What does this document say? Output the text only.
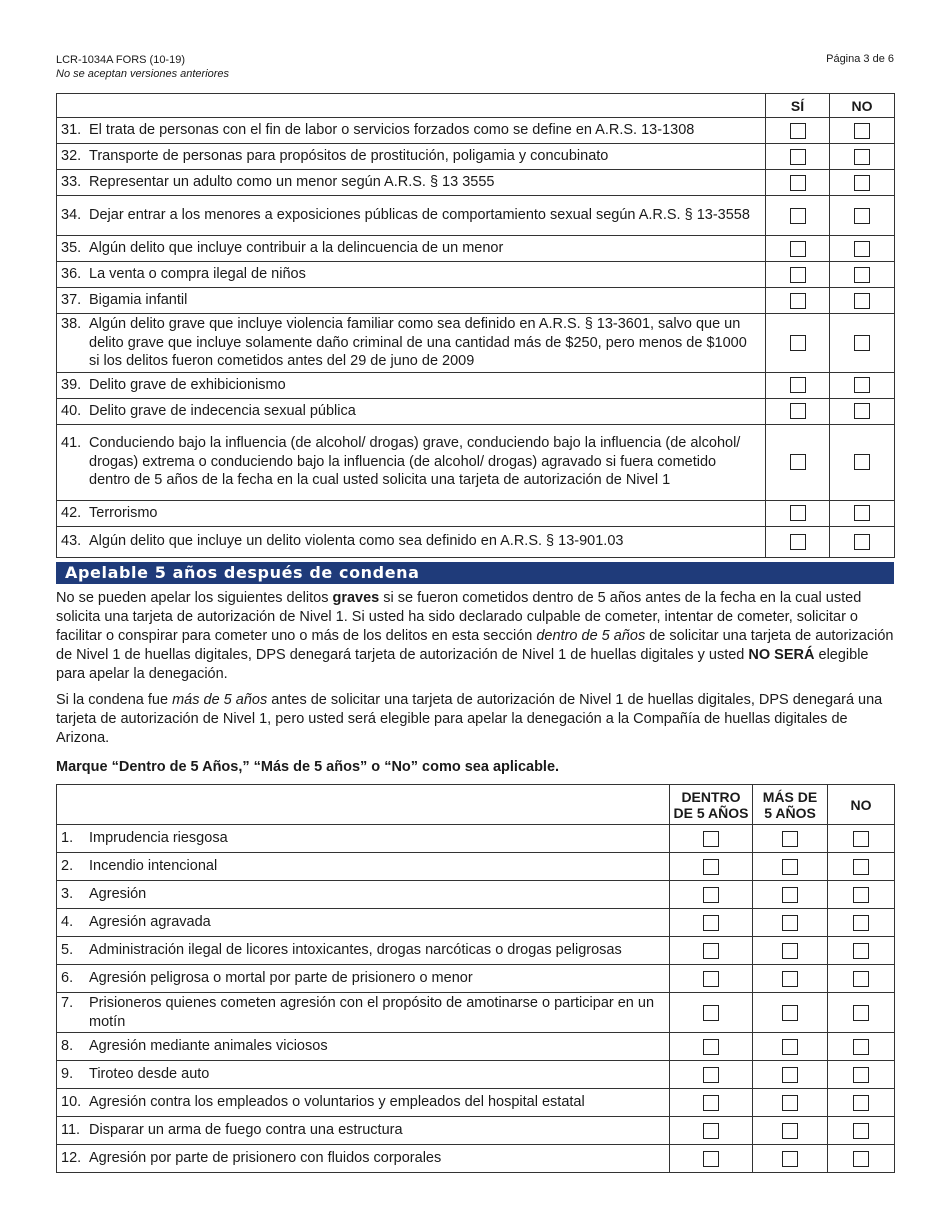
LCR-1034A FORS (10-19)
No se aceptan versiones anteriores
Página 3 de 6
	SÍ	NO

31. El trata de personas con el fin de labor o servicios forzados como se define en A.R.S. 13-1308		

32. Transporte de personas para propósitos de prostitución, poligamia y concubinato		

33. Representar un adulto como un menor según A.R.S. § 13 3555		

34. Dejar entrar a los menores a exposiciones públicas de comportamiento sexual según A.R.S. § 13-3558		

35. Algún delito que incluye contribuir a la delincuencia de un menor		

36. La venta o compra ilegal de niños		

37. Bigamia infantil		

38. Algún delito grave que incluye violencia familiar como sea definido en A.R.S. § 13-3601, salvo que un delito grave que incluye solamente daño criminal de una cantidad más de $250, pero menos de $1000 si los delitos fueron cometidos antes del 29 de juno de 2009		

39. Delito grave de exhibicionismo		

40. Delito grave de indecencia sexual pública		

41. Conduciendo bajo la influencia (de alcohol/ drogas) grave, conduciendo bajo la influencia (de alcohol/ drogas) extrema o conduciendo bajo la influencia (de alcohol/ drogas) agravado si fuera cometido dentro de 5 años de la fecha en la cual usted solicita una tarjeta de autorización de Nivel 1		

42. Terrorismo		

43. Algún delito que incluye un delito violenta como sea definido en A.R.S. § 13-901.03		

Apelable 5 años después de condena

No se pueden apelar los siguientes delitos graves si se fueron cometidos dentro de 5 años antes de la fecha en la cual usted solicita una tarjeta de autorización de Nivel 1. Si usted ha sido declarado culpable de cometer, intentar de cometer, solicitar o facilitar o conspirar para cometer uno o más de los delitos en esta sección dentro de 5 años de solicitar una tarjeta de autorización de Nivel 1 de huellas digitales, DPS denegará tarjeta de autorización de Nivel 1 de huellas digitales y usted NO SERÁ elegible para apelar la denegación.

Si la condena fue más de 5 años antes de solicitar una tarjeta de autorización de Nivel 1 de huellas digitales, DPS denegará una tarjeta de autorización de Nivel 1, pero usted será elegible para apelar la denegación a la Compañía de huellas digitales de Arizona.

Marque “Dentro de 5 Años,” “Más de 5 años” o “No” como sea aplicable.

	DENTRO
DE 5 AÑOS	MÁS DE
5 AÑOS	NO

1. Imprudencia riesgosa			

2. Incendio intencional			

3. Agresión			

4. Agresión agravada			

5. Administración ilegal de licores intoxicantes, drogas narcóticas o drogas peligrosas			

6. Agresión peligrosa o mortal por parte de prisionero o menor			

7. Prisioneros quienes cometen agresión con el propósito de amotinarse o participar en un motín			

8. Agresión mediante animales viciosos			

9. Tiroteo desde auto			

10. Agresión contra los empleados o voluntarios y empleados del hospital estatal			

11. Disparar un arma de fuego contra una estructura			

12. Agresión por parte de prisionero con fluidos corporales			
